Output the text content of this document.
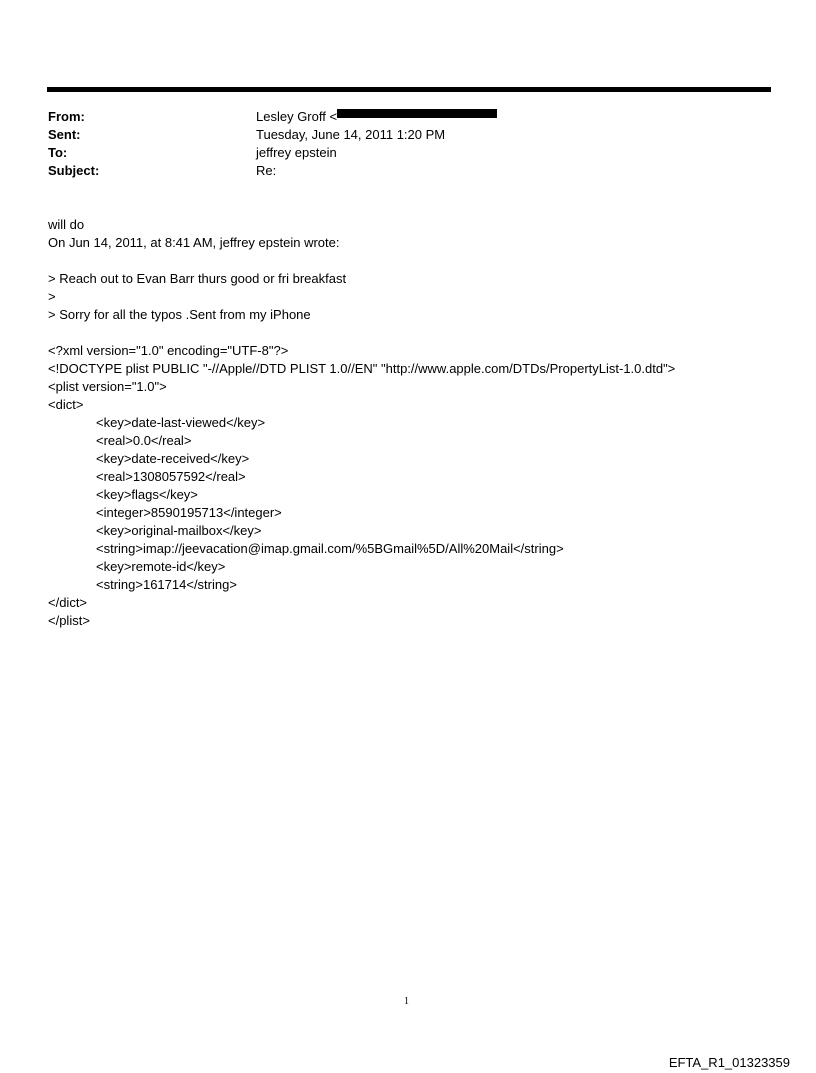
From:	Lesley Groff <
Sent:	Tuesday, June 14, 2011 1:20 PM
To:	jeffrey epstein
Subject:	Re:
will do
On Jun 14, 2011, at 8:41 AM, jeffrey epstein wrote:
> Reach out to Evan Barr thurs good or fri breakfast
>
> Sorry for all the typos .Sent from my iPhone
<?xml version="1.0" encoding="UTF-8"?>
<!DOCTYPE plist PUBLIC "-//Apple//DTD PLIST 1.0//EN" "http://www.apple.com/DTDs/PropertyList-1.0.dtd">
<plist version="1.0">
<dict>
<key>date-last-viewed</key>
<real>0.0</real>
<key>date-received</key>
<real>1308057592</real>
<key>flags</key>
<integer>8590195713</integer>
<key>original-mailbox</key>
<string>imap://jeevacation@imap.gmail.com/%5BGmail%5D/All%20Mail</string>
<key>remote-id</key>
<string>161714</string>
</dict>
</plist>
1
EFTA_R1_01323359
